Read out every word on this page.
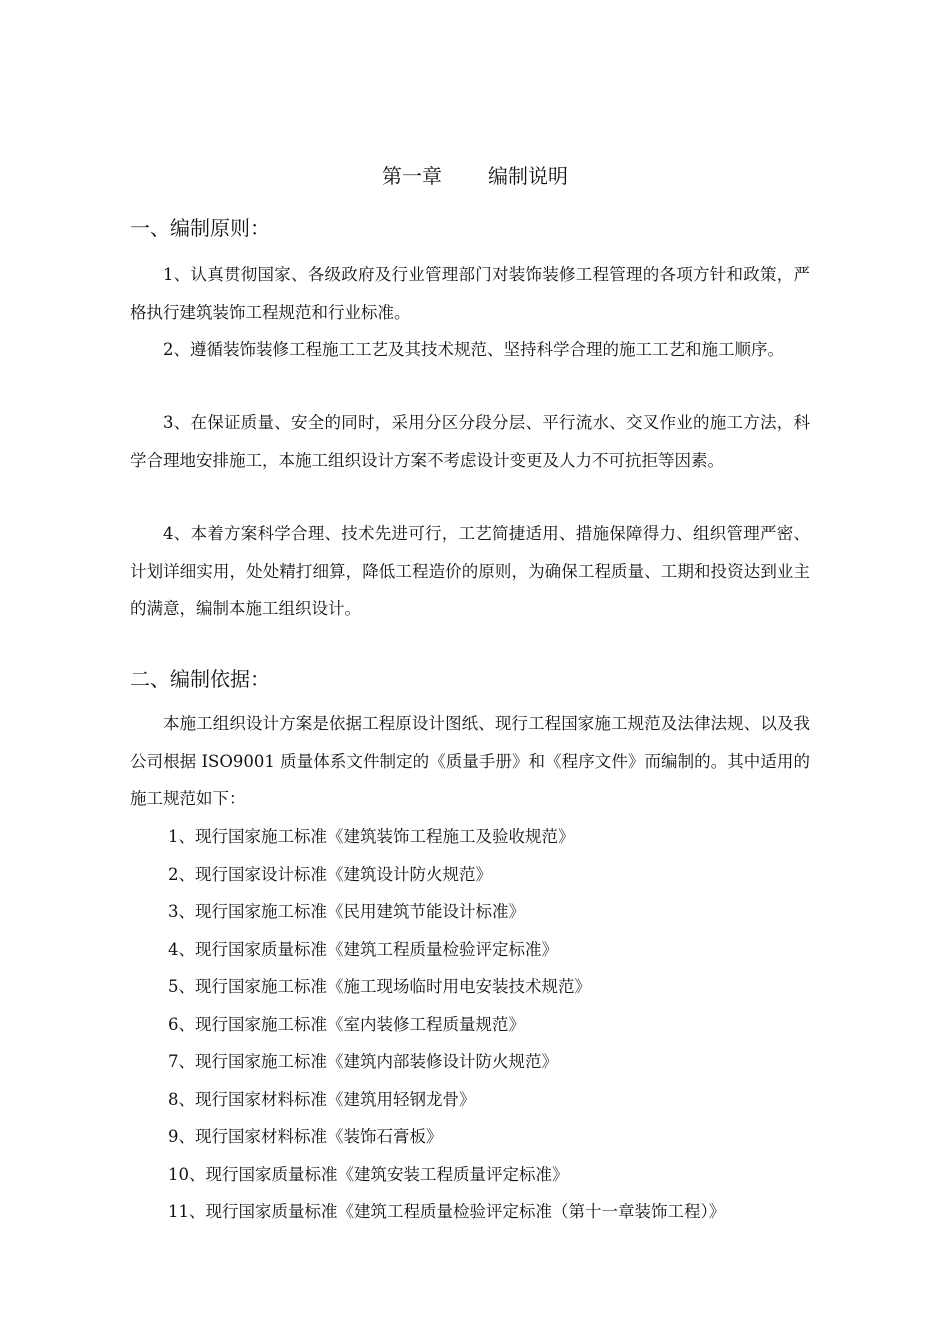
第一章 编制说明
一、编制原则：
1、认真贯彻国家、各级政府及行业管理部门对装饰装修工程管理的各项方针和政策，严格执行建筑装饰工程规范和行业标准。
2、遵循装饰装修工程施工工艺及其技术规范、坚持科学合理的施工工艺和施工顺序。
3、在保证质量、安全的同时，采用分区分段分层、平行流水、交叉作业的施工方法，科学合理地安排施工，本施工组织设计方案不考虑设计变更及人力不可抗拒等因素。
4、本着方案科学合理、技术先进可行，工艺简捷适用、措施保障得力、组织管理严密、计划详细实用，处处精打细算，降低工程造价的原则，为确保工程质量、工期和投资达到业主的满意，编制本施工组织设计。
二、编制依据：
本施工组织设计方案是依据工程原设计图纸、现行工程国家施工规范及法律法规、以及我公司根据 ISO9001 质量体系文件制定的《质量手册》和《程序文件》而编制的。其中适用的施工规范如下：
1、现行国家施工标准《建筑装饰工程施工及验收规范》
2、现行国家设计标准《建筑设计防火规范》
3、现行国家施工标准《民用建筑节能设计标准》
4、现行国家质量标准《建筑工程质量检验评定标准》
5、现行国家施工标准《施工现场临时用电安装技术规范》
6、现行国家施工标准《室内装修工程质量规范》
7、现行国家施工标准《建筑内部装修设计防火规范》
8、现行国家材料标准《建筑用轻钢龙骨》
9、现行国家材料标准《装饰石膏板》
10、现行国家质量标准《建筑安装工程质量评定标准》
11、现行国家质量标准《建筑工程质量检验评定标准（第十一章装饰工程）》
